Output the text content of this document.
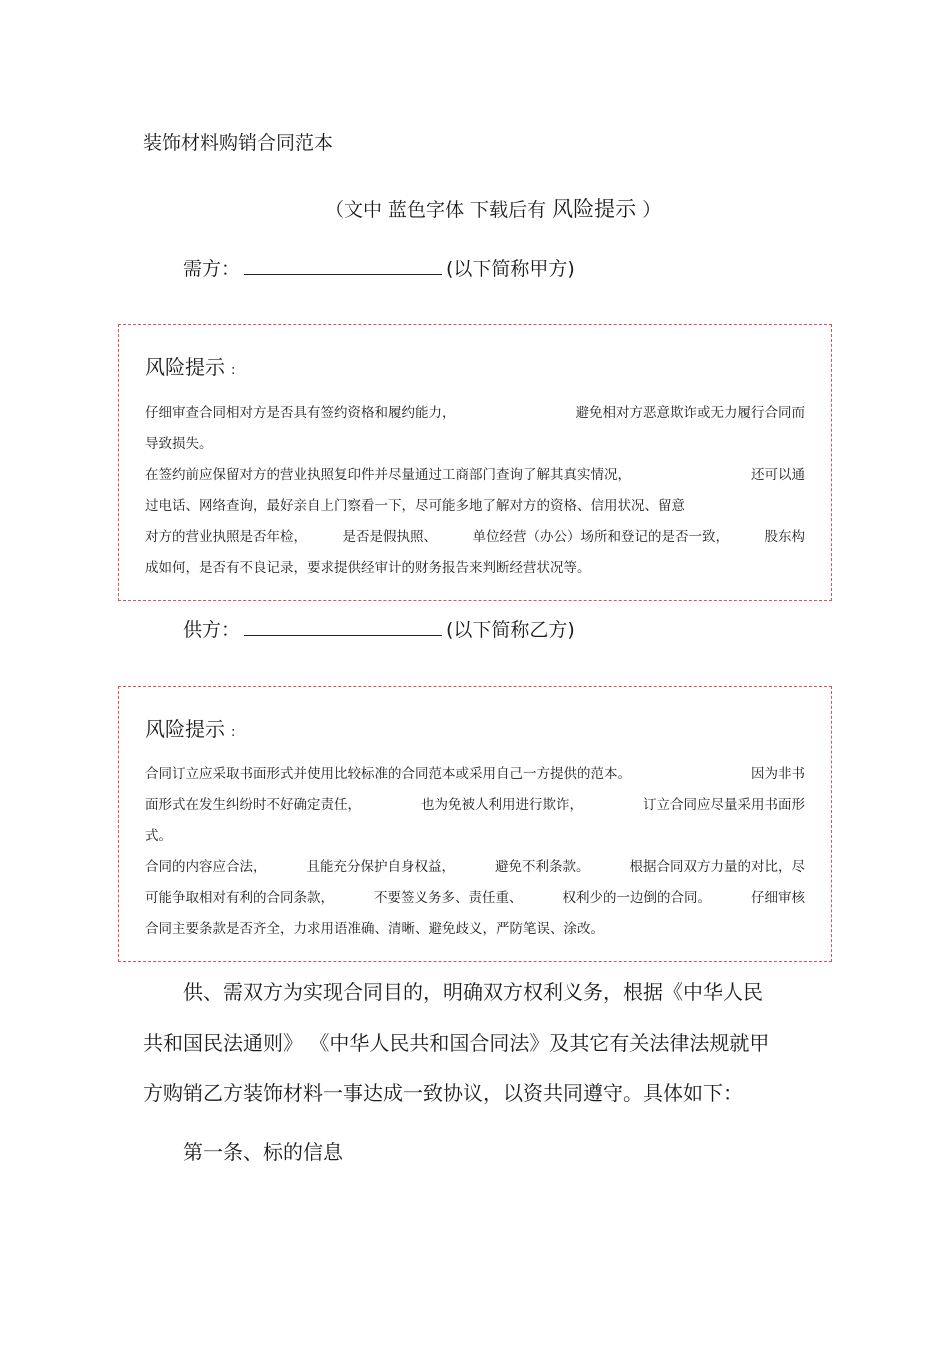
装饰材料购销合同范本
（文中 蓝色字体 下载后有 风险提示 ）
需方：	(以下简称甲方)
风险提示 :
仔细审查合同相对方是否具有签约资格和履约能力，	避免相对方恶意欺诈或无力履行合同而
导致损失。
在签约前应保留对方的营业执照复印件并尽量通过工商部门查询了解其真实情况，	还可以通
过电话、网络查询，最好亲自上门察看一下，尽可能多地了解对方的资格、信用状况、留意
对方的营业执照是否年检，	是否是假执照、	单位经营（办公）场所和登记的是否一致，	股东构
成如何，是否有不良记录，要求提供经审计的财务报告来判断经营状况等。
供方：	(以下简称乙方)
风险提示 :
合同订立应采取书面形式并使用比较标准的合同范本或采用自己一方提供的范本。	因为非书
面形式在发生纠纷时不好确定责任，	也为免被人利用进行欺诈，	订立合同应尽量采用书面形
式。
合同的内容应合法，	且能充分保护自身权益，	避免不利条款。	根据合同双方力量的对比，尽
可能争取相对有利的合同条款，	不要签义务多、责任重、	权利少的一边倒的合同。	仔细审核
合同主要条款是否齐全，力求用语准确、清晰、避免歧义，严防笔误、涂改。
供、需双方为实现合同目的，明确双方权利义务，根据《中华人民
共和国民法通则》 《中华人民共和国合同法》及其它有关法律法规就甲
方购销乙方装饰材料一事达成一致协议，以资共同遵守。具体如下：
第一条、标的信息
